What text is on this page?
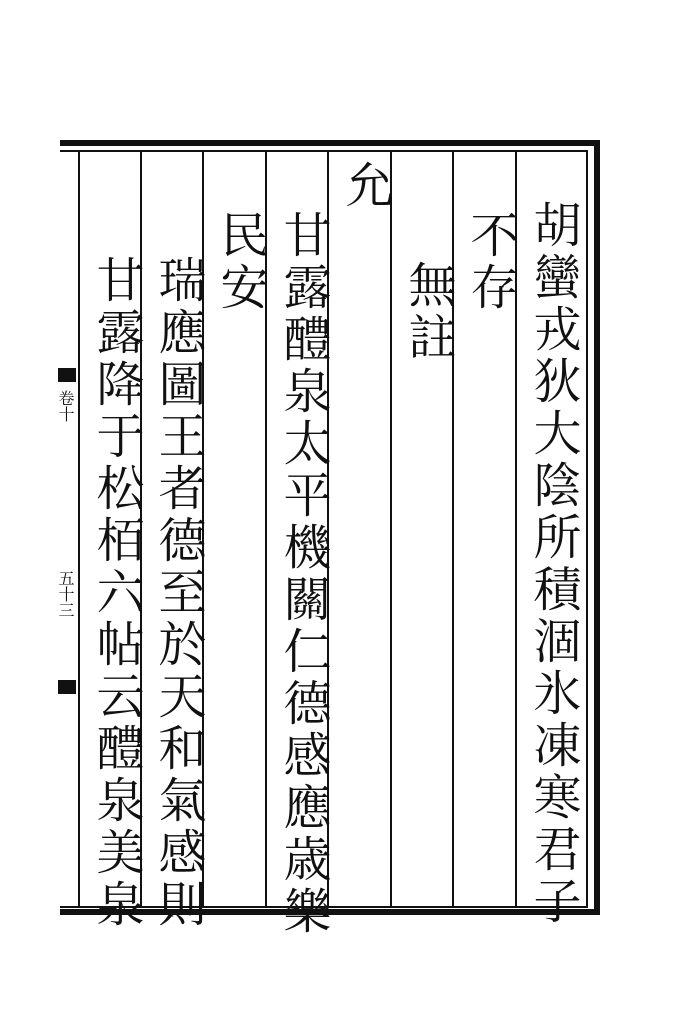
胡蠻戎狄大陰所積涸氷凍寒君子
不存
無註
允
甘露醴泉太平機關仁德感應歳樂
民安
瑞應圖王者德至於天和氣感則
甘露降于松栢六帖云醴泉美泉
卷十
五十三
